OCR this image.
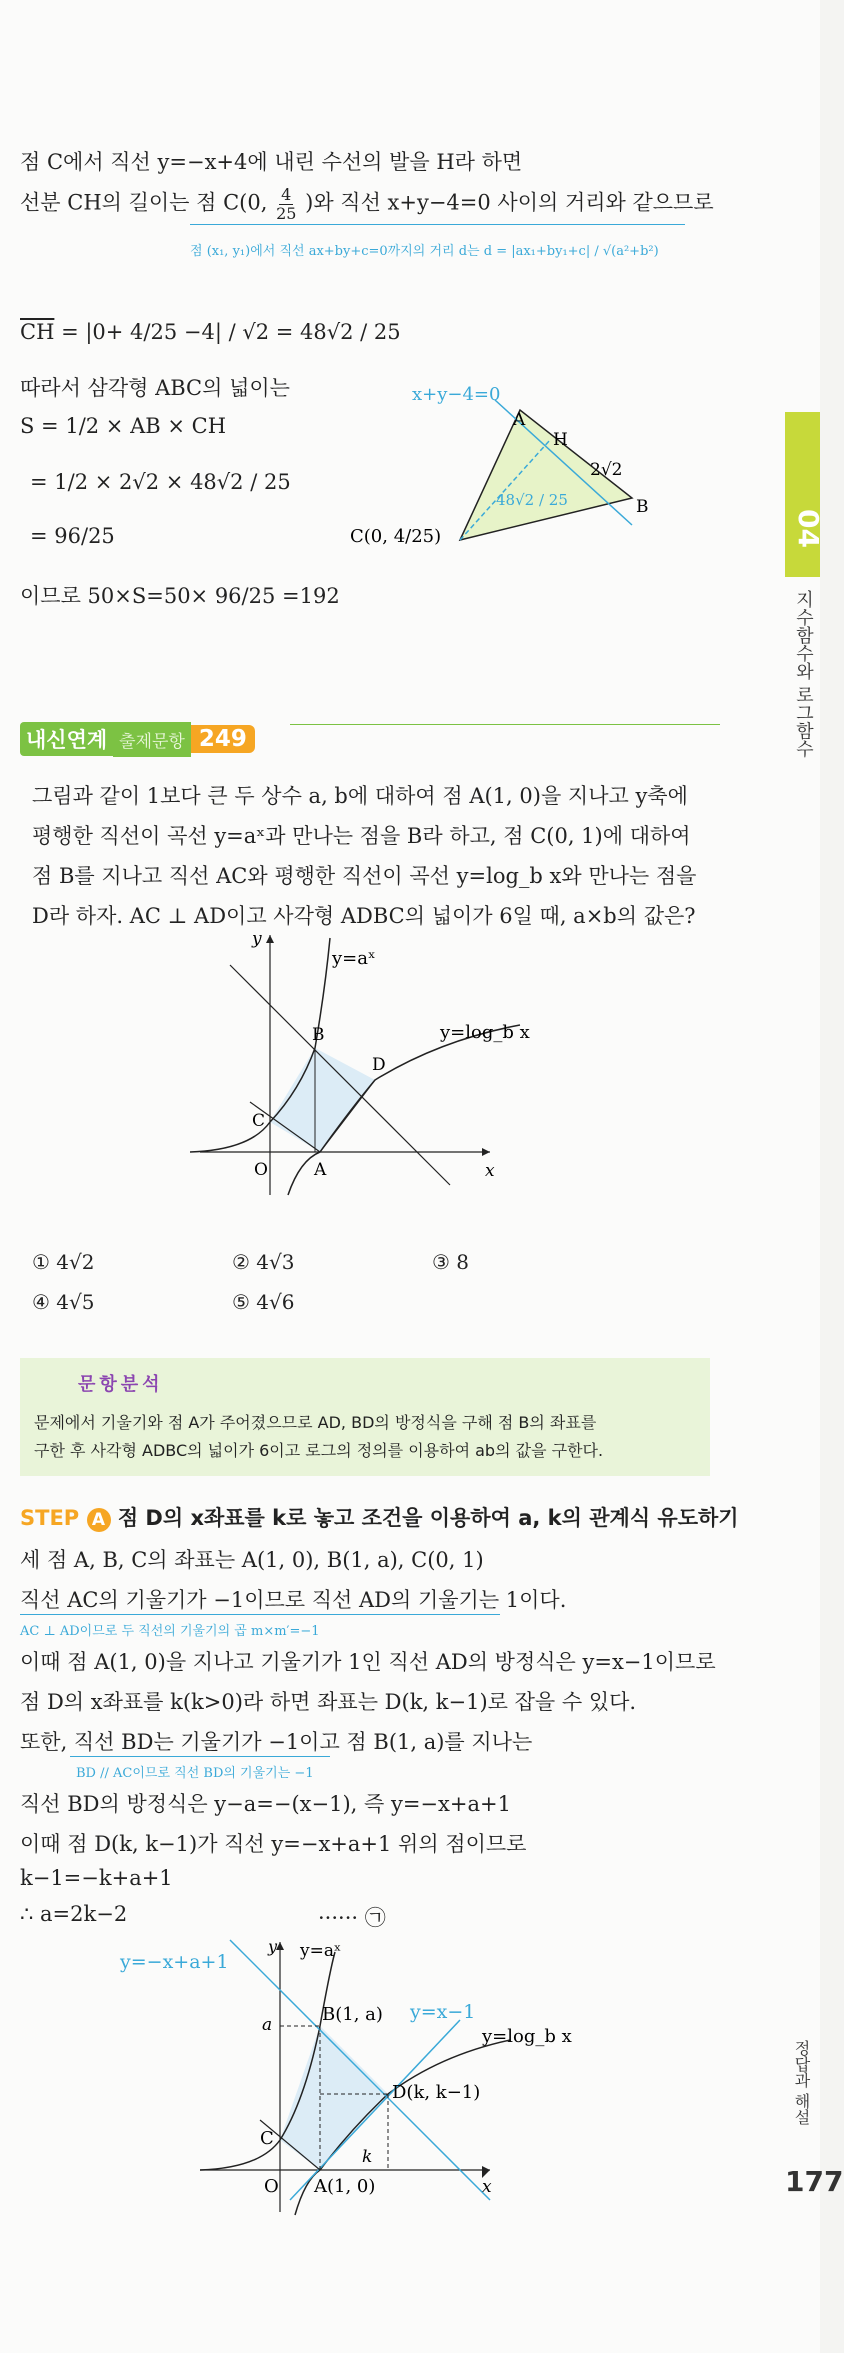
점 C에서 직선 y=−x+4에 내린 수선의 발을 H라 하면
선분 CH의 길이는 점 C(0, $\frac{4}{25}$ )와 직선 x+y−4=0 사이의 거리와 같으므로
점 (x₁, y₁)에서 직선 ax+by+c=0까지의 거리 d는 d = |ax₁+by₁+c| / √(a²+b²)
$\overline{CH} = |0+ 4/25 -4| / √2 = 48√2 / 25$
따라서 삼각형 ABC의 넓이는
S = 1/2 × AB × CH
= 1/2 × 2√2 × 48√2 / 25
= 96/25
이므로 50×S=50× 96/25 =192
x+y−4=0
A
H
B
2√2
48√2 / 25
C(0, 4/25)	04
지수함수와 로그함수
내신연계 출제문항 249
그림과 같이 1보다 큰 두 상수 a, b에 대하여 점 A(1, 0)을 지나고 y축에
평행한 직선이 곡선 y=aˣ과 만나는 점을 B라 하고, 점 C(0, 1)에 대하여
점 B를 지나고 직선 AC와 평행한 직선이 곡선 y=log_b x와 만나는 점을
D라 하자. AC ⊥ AD이고 사각형 ADBC의 넓이가 6일 때, a×b의 값은?
y
x
O	A
B
C
D
y=aˣ
y=log_b x
① 4√2	② 4√3	③ 8
④ 4√5	⑤ 4√6
문항분석
문제에서 기울기와 점 A가 주어졌으므로 AD, BD의 방정식을 구해 점 B의 좌표를
구한 후 사각형 ADBC의 넓이가 6이고 로그의 정의를 이용하여 ab의 값을 구한다.
STEP A 점 D의 x좌표를 k로 놓고 조건을 이용하여 a, k의 관계식 유도하기
세 점 A, B, C의 좌표는 A(1, 0), B(1, a), C(0, 1)
직선 AC의 기울기가 −1이므로 직선 AD의 기울기는 1이다.
AC ⊥ AD이므로 두 직선의 기울기의 곱 m×m′=−1
이때 점 A(1, 0)을 지나고 기울기가 1인 직선 AD의 방정식은 y=x−1이므로
점 D의 x좌표를 k(k>0)라 하면 좌표는 D(k, k−1)로 잡을 수 있다.
또한, 직선 BD는 기울기가 −1이고 점 B(1, a)를 지나는
BD // AC이므로 직선 BD의 기울기는 −1
직선 BD의 방정식은 y−a=−(x−1), 즉 y=−x+a+1
이때 점 D(k, k−1)가 직선 y=−x+a+1 위의 점이므로
k−1=−k+a+1
∴ a=2k−2	······ ㉠
y=−x+a+1
y=x−1
y=aˣ
y=log_b x
y
a	B(1, a)
C
D(k, k−1)
k
O A(1, 0)	x
정답과 해설
177
